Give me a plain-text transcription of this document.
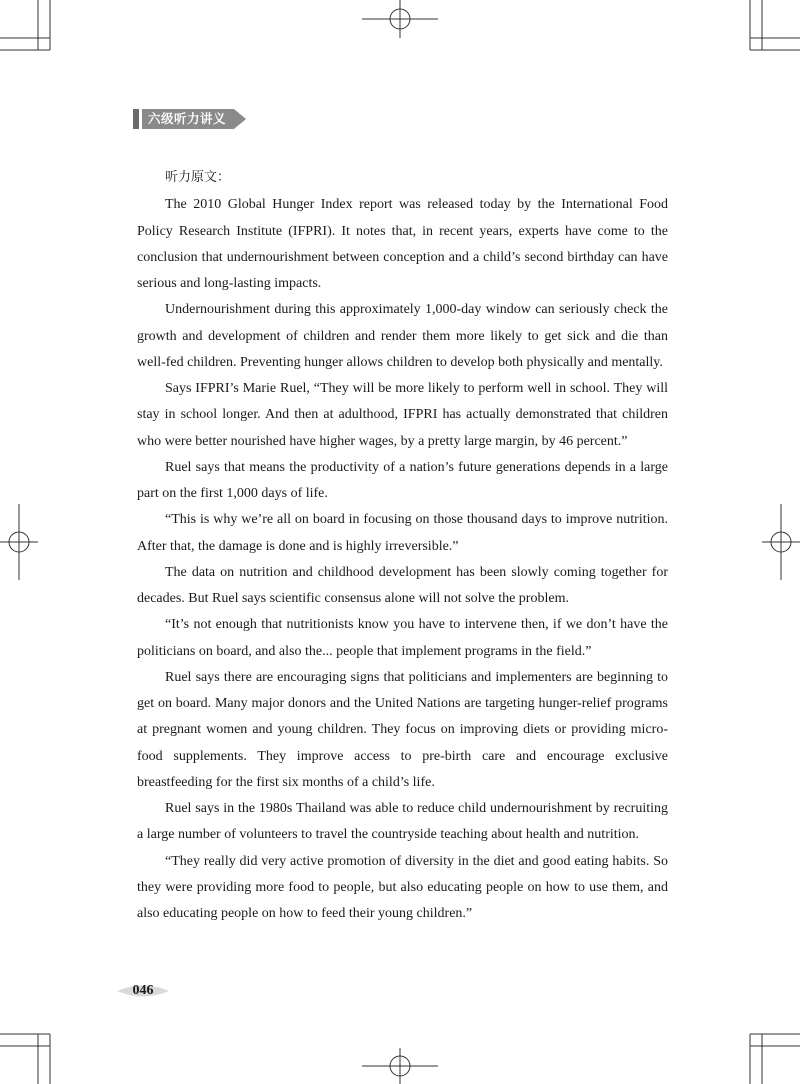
六级听力讲义
听力原文：

The 2010 Global Hunger Index report was released today by the International Food Policy Research Institute (IFPRI). It notes that, in recent years, experts have come to the conclusion that undernourishment between conception and a child’s second birthday can have serious and long-lasting impacts.

Undernourishment during this approximately 1,000-day window can seriously check the growth and development of children and render them more likely to get sick and die than well-fed children. Preventing hunger allows children to develop both physically and mentally.

Says IFPRI’s Marie Ruel, “They will be more likely to perform well in school. They will stay in school longer. And then at adulthood, IFPRI has actually demonstrated that children who were better nourished have higher wages, by a pretty large margin, by 46 percent.”

Ruel says that means the productivity of a nation’s future generations depends in a large part on the first 1,000 days of life.

“This is why we’re all on board in focusing on those thousand days to improve nutrition. After that, the damage is done and is highly irreversible.”

The data on nutrition and childhood development has been slowly coming together for decades. But Ruel says scientific consensus alone will not solve the problem.

“It’s not enough that nutritionists know you have to intervene then, if we don’t have the politicians on board, and also the... people that implement programs in the field.”

Ruel says there are encouraging signs that politicians and implementers are beginning to get on board. Many major donors and the United Nations are targeting hunger-relief programs at pregnant women and young children. They focus on improving diets or providing micro-food supplements. They improve access to pre-birth care and encourage exclusive breastfeeding for the first six months of a child’s life.

Ruel says in the 1980s Thailand was able to reduce child undernourishment by recruiting a large number of volunteers to travel the countryside teaching about health and nutrition.

“They really did very active promotion of diversity in the diet and good eating habits. So they were providing more food to people, but also educating people on how to use them, and also educating people on how to feed their young children.”

046
